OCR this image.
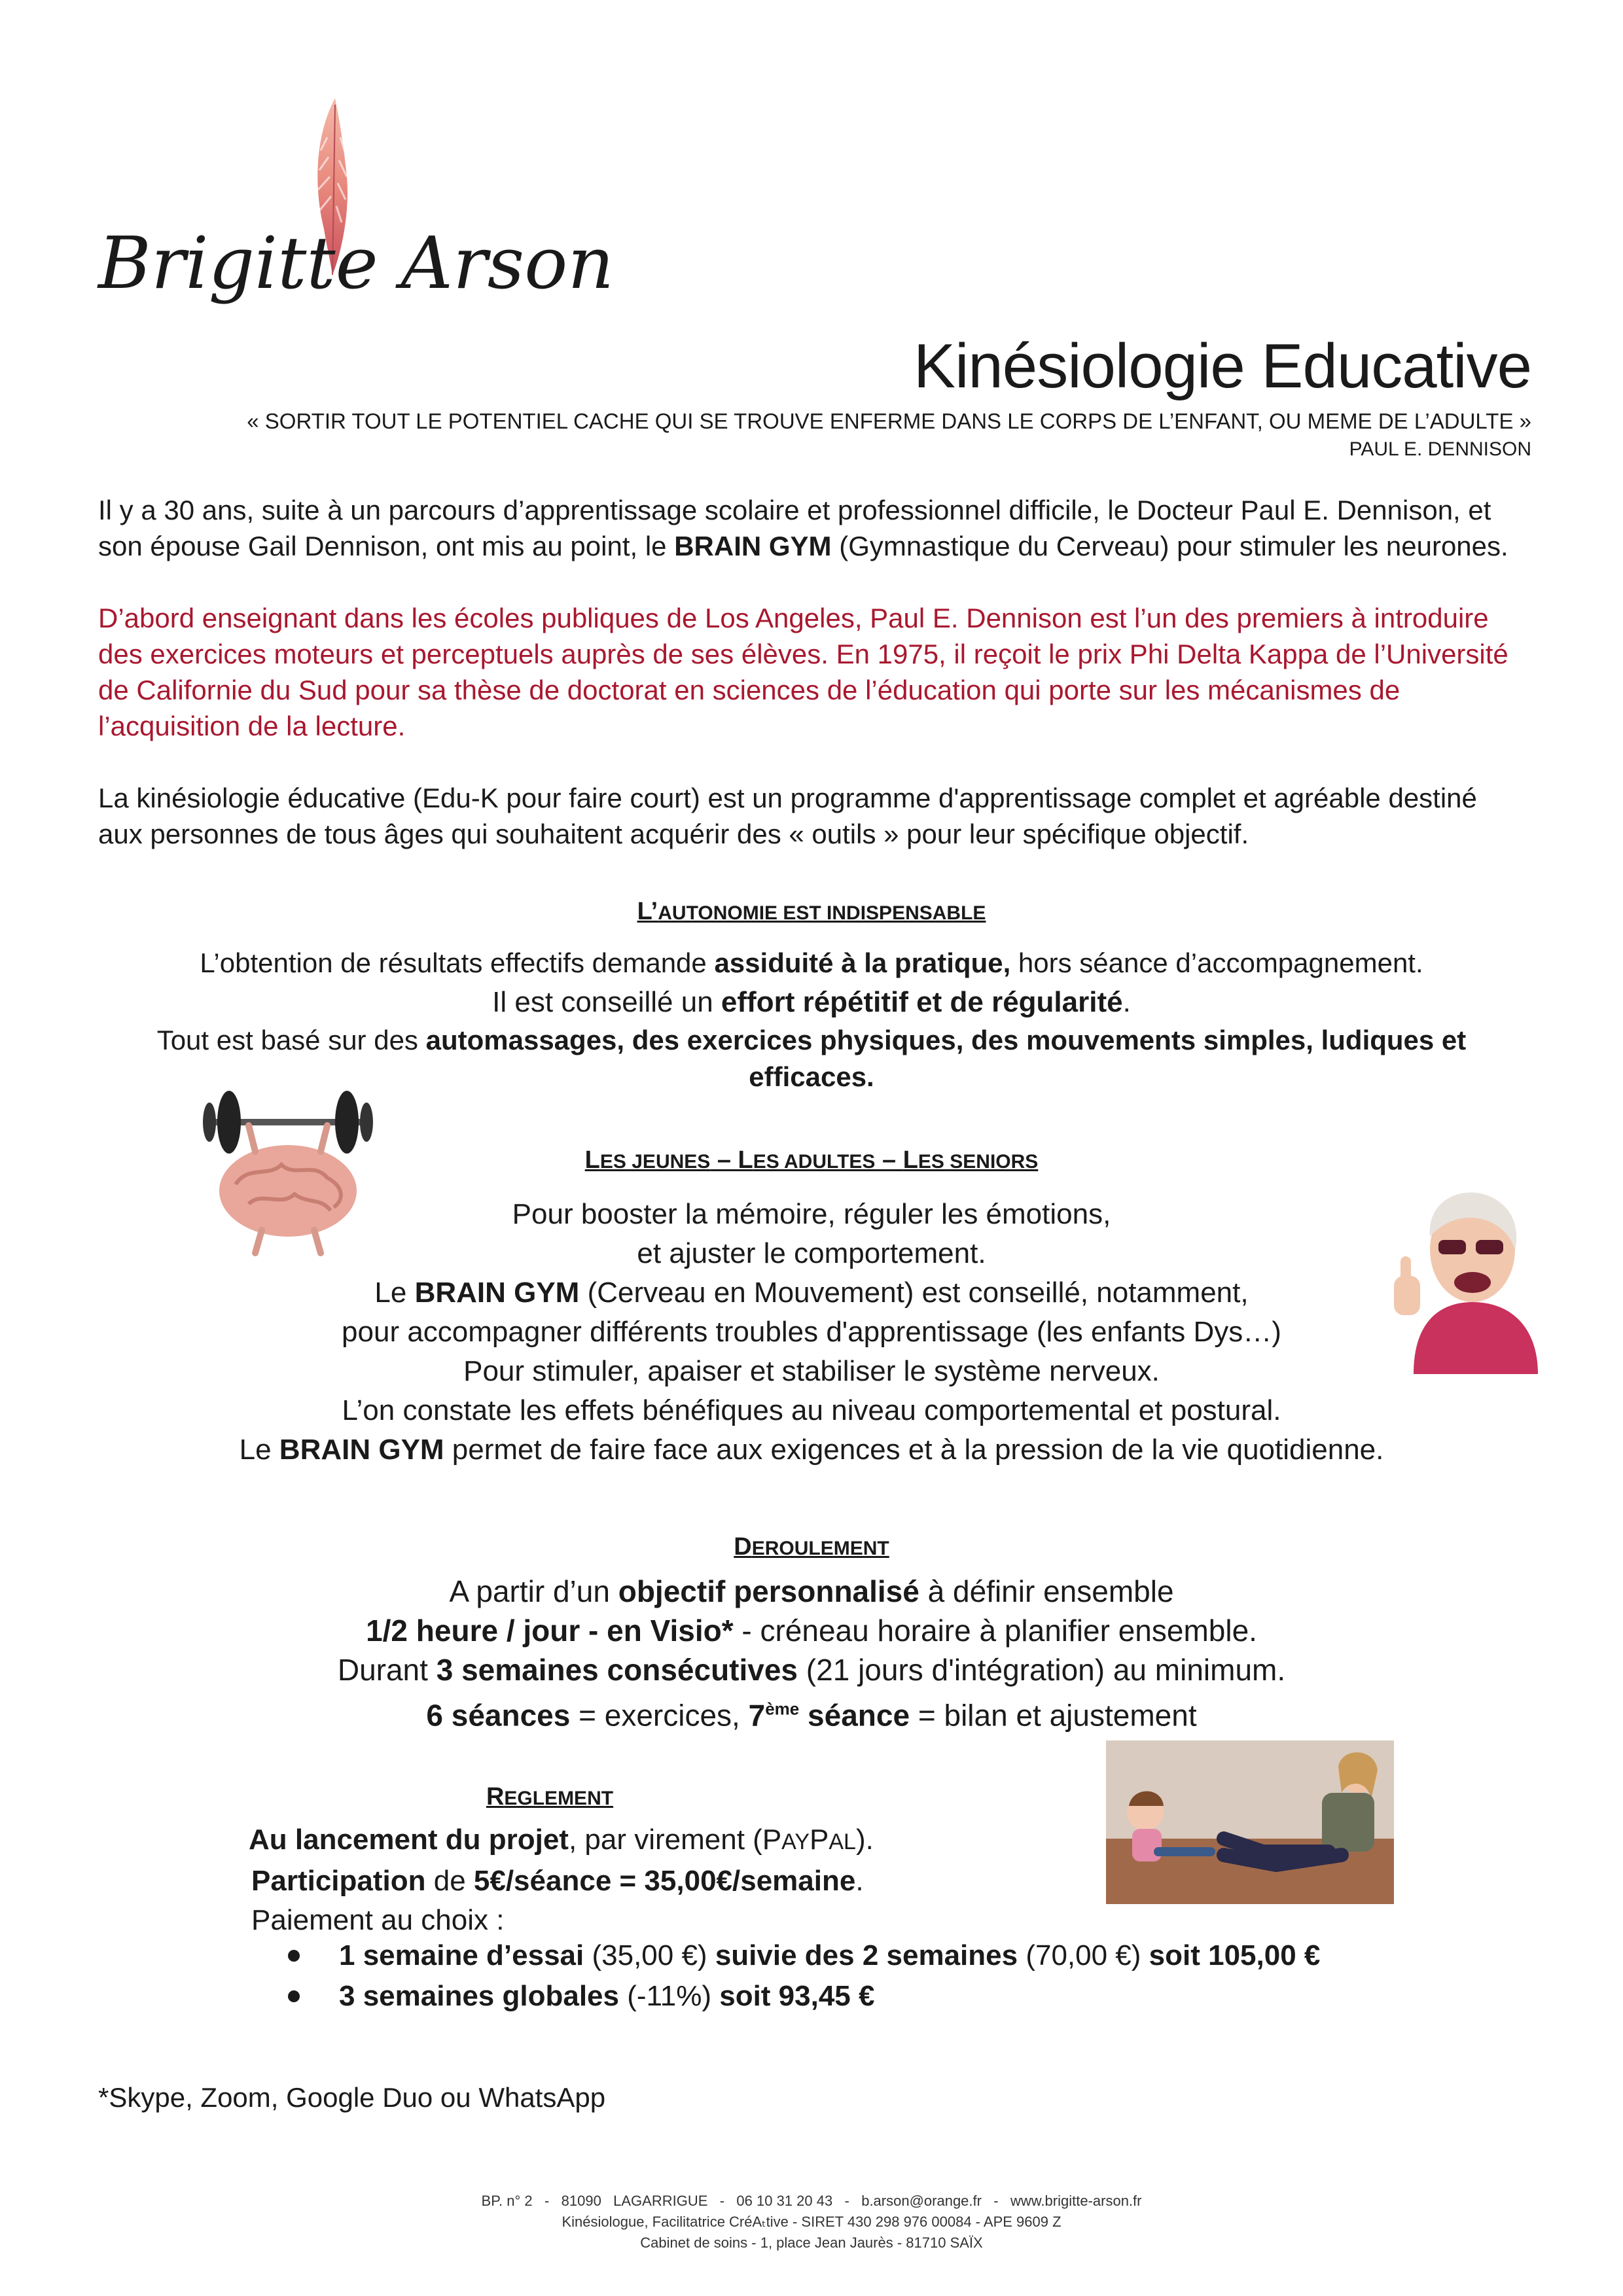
Brigitte Arson
Kinésiologie Educative
« SORTIR TOUT LE POTENTIEL CACHE QUI SE TROUVE ENFERME DANS LE CORPS DE L’ENFANT, OU MEME DE L’ADULTE »
PAUL E. DENNISON
Il y a 30 ans, suite à un parcours d’apprentissage scolaire et professionnel difficile, le Docteur Paul E. Dennison, et son épouse Gail Dennison, ont mis au point, le BRAIN GYM (Gymnastique du Cerveau) pour stimuler les neurones.
D’abord enseignant dans les écoles publiques de Los Angeles, Paul E. Dennison est l’un des premiers à introduire des exercices moteurs et perceptuels auprès de ses élèves. En 1975, il reçoit le prix Phi Delta Kappa de l’Université de Californie du Sud pour sa thèse de doctorat en sciences de l’éducation qui porte sur les mécanismes de l’acquisition de la lecture.
La kinésiologie éducative (Edu-K pour faire court) est un programme d'apprentissage complet et agréable destiné aux personnes de tous âges qui souhaitent acquérir des « outils » pour leur spécifique objectif.
L’AUTONOMIE EST INDISPENSABLE
L’obtention de résultats effectifs demande assiduité à la pratique, hors séance d’accompagnement.
Il est conseillé un effort répétitif et de régularité.
Tout est basé sur des automassages, des exercices physiques, des mouvements simples, ludiques et efficaces.
LES JEUNES – LES ADULTES – LES SENIORS
Pour booster la mémoire, réguler les émotions,
et ajuster le comportement.
Le BRAIN GYM (Cerveau en Mouvement) est conseillé, notamment,
pour accompagner différents troubles d'apprentissage (les enfants Dys…)
Pour stimuler, apaiser et stabiliser le système nerveux.
L’on constate les effets bénéfiques au niveau comportemental et postural.
Le BRAIN GYM permet de faire face aux exigences et à la pression de la vie quotidienne.
DEROULEMENT
A partir d’un objectif personnalisé à définir ensemble
1/2 heure / jour - en Visio* - créneau horaire à planifier ensemble.
Durant 3 semaines consécutives (21 jours d'intégration) au minimum.
6 séances = exercices, 7ème séance = bilan et ajustement
REGLEMENT
Au lancement du projet, par virement (PAYPAL).
Participation de 5€/séance = 35,00€/semaine.
Paiement au choix :
1 semaine d’essai (35,00 €) suivie des 2 semaines (70,00 €) soit 105,00 €
3 semaines globales (-11%) soit 93,45 €
*Skype, Zoom, Google Duo ou WhatsApp
BP. n° 2   -   81090   LAGARRIGUE   -   06 10 31 20 43   -   b.arson@orange.fr   -   www.brigitte-arson.fr
Kinésiologue, Facilitatrice CréAₜtive - SIRET 430 298 976 00084 - APE 9609 Z
Cabinet de soins - 1, place Jean Jaurès - 81710 SAÏX
